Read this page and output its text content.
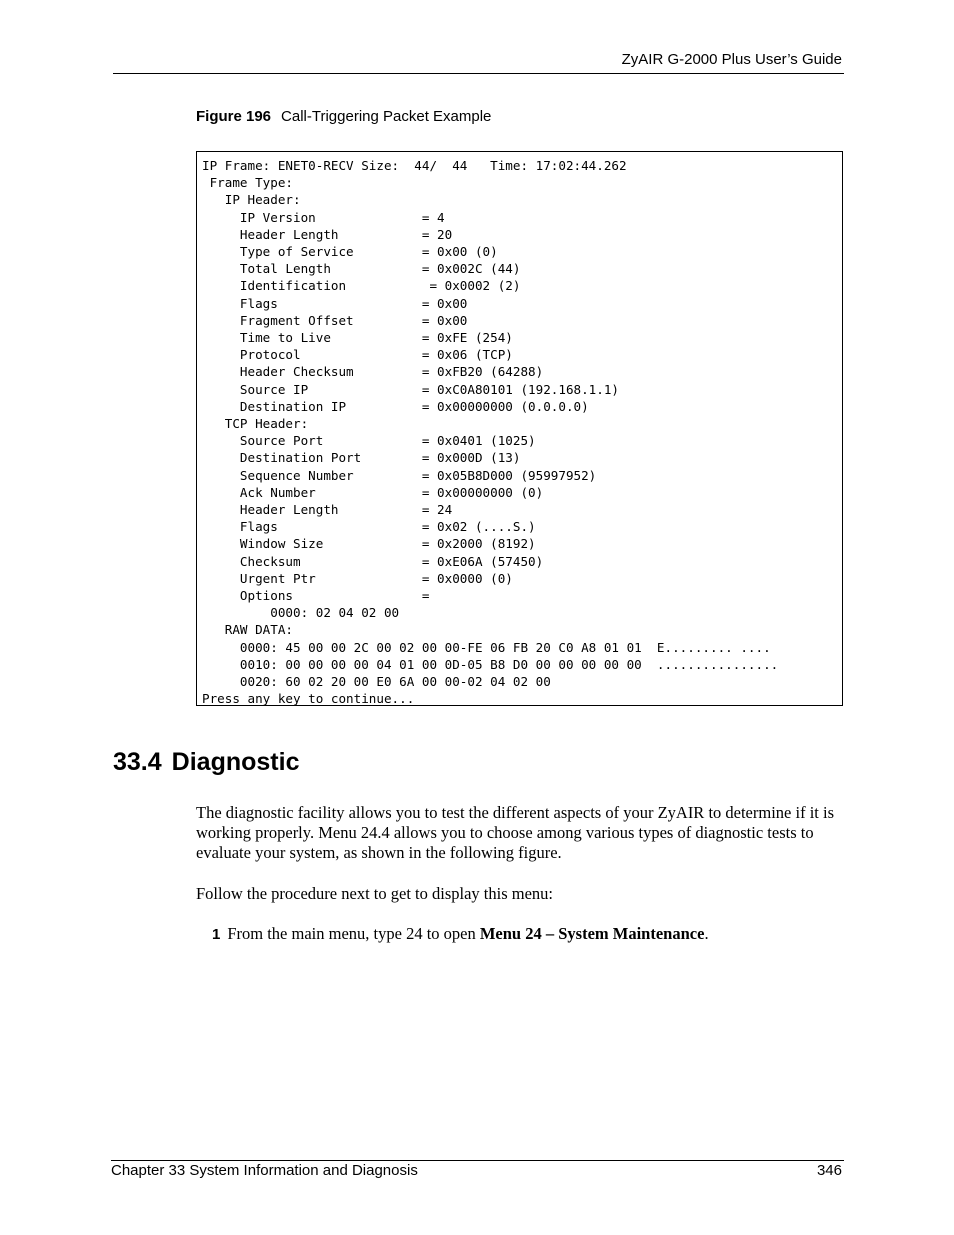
ZyAIR G-2000 Plus User’s Guide
Figure 196 Call-Triggering Packet Example
IP Frame: ENET0-RECV Size:  44/  44   Time: 17:02:44.262
Frame Type:
IP Header:
IP Version              = 4
Header Length           = 20
Type of Service         = 0x00 (0)
Total Length            = 0x002C (44)
Identification           = 0x0002 (2)
Flags                   = 0x00
Fragment Offset         = 0x00
Time to Live            = 0xFE (254)
Protocol                = 0x06 (TCP)
Header Checksum         = 0xFB20 (64288)
Source IP               = 0xC0A80101 (192.168.1.1)
Destination IP          = 0x00000000 (0.0.0.0)
TCP Header:
Source Port             = 0x0401 (1025)
Destination Port        = 0x000D (13)
Sequence Number         = 0x05B8D000 (95997952)
Ack Number              = 0x00000000 (0)
Header Length           = 24
Flags                   = 0x02 (....S.)
Window Size             = 0x2000 (8192)
Checksum                = 0xE06A (57450)
Urgent Ptr              = 0x0000 (0)
Options                 =
0000: 02 04 02 00
RAW DATA:
0000: 45 00 00 2C 00 02 00 00-FE 06 FB 20 C0 A8 01 01  E......... ....
0010: 00 00 00 00 04 01 00 0D-05 B8 D0 00 00 00 00 00  ................
0020: 60 02 20 00 E0 6A 00 00-02 04 02 00
Press any key to continue...
33.4 Diagnostic

The diagnostic facility allows you to test the different aspects of your ZyAIR to determine if it is working properly. Menu 24.4 allows you to choose among various types of diagnostic tests to evaluate your system, as shown in the following figure.

Follow the procedure next to get to display this menu:

1 From the main menu, type 24 to open Menu 24 – System Maintenance.

Chapter 33 System Information and Diagnosis	346
